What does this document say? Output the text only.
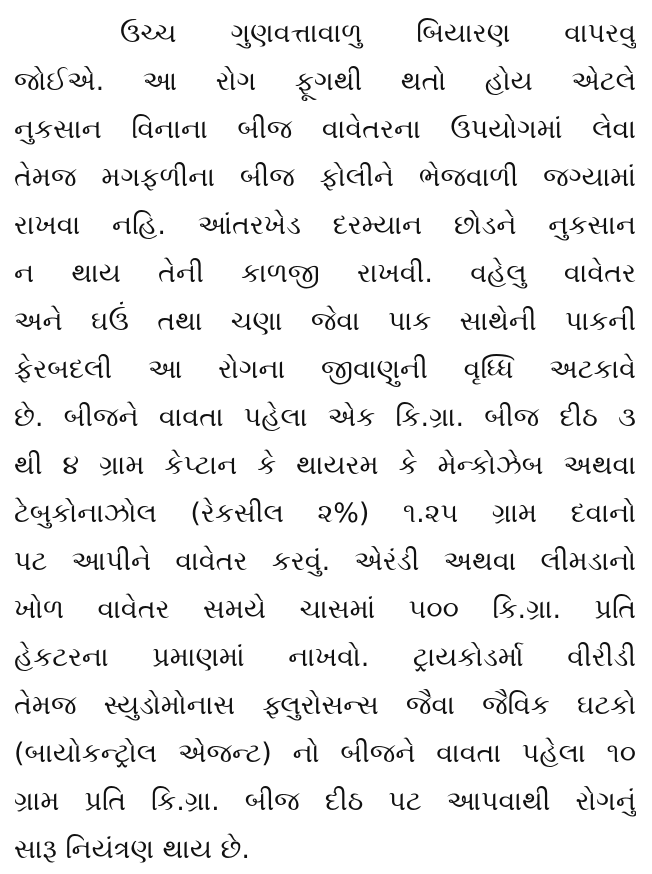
ઉચ્ચ ગુણવત્તાવાળુ બિયારણ વાપરવુ
જોઈએ. આ રોગ ફૂગથી થતો હોય એટલે
નુકસાન વિનાના બીજ વાવેતરના ઉપયોગમાં લેવા
તેમજ મગફળીના બીજ ફોલીને ભેજવાળી જગ્યામાં
રાખવા નહિ. આંતરખેડ દરમ્યાન છોડને નુકસાન
ન થાય તેની કાળજી રાખવી. વહેલુ વાવેતર
અને ઘઉં તથા ચણા જેવા પાક સાથેની પાકની
ફેરબદલી આ રોગના જીવાણુની વૃધ્ધિ અટકાવે
છે. બીજને વાવતા પહેલા એક કિ.ગ્રા. બીજ દીઠ ૩
થી ૪ ગ્રામ કેપ્ટાન કે થાયરમ કે મેન્કોઝેબ અથવા
ટેબુકોનાઝોલ (રેકસીલ ૨%) ૧.૨૫ ગ્રામ દવાનો
પટ આપીને વાવેતર કરવું. એરંડી અથવા લીમડાનો
ખોળ વાવેતર સમયે ચાસમાં ૫૦૦ કિ.ગ્રા. પ્રતિ
હેકટરના પ્રમાણમાં નાખવો. ટ્રાયકોડર્મા વીરીડી
તેમજ સ્યુડોમોનાસ ફ્લુરોસન્સ જૈવા જૈવિક ઘટકો
(બાયોકન્ટ્રોલ એજન્ટ) નો બીજને વાવતા પહેલા ૧૦
ગ્રામ પ્રતિ કિ.ગ્રા. બીજ દીઠ પટ આપવાથી રોગનું
સારૂ નિયંત્રણ થાય છે.
